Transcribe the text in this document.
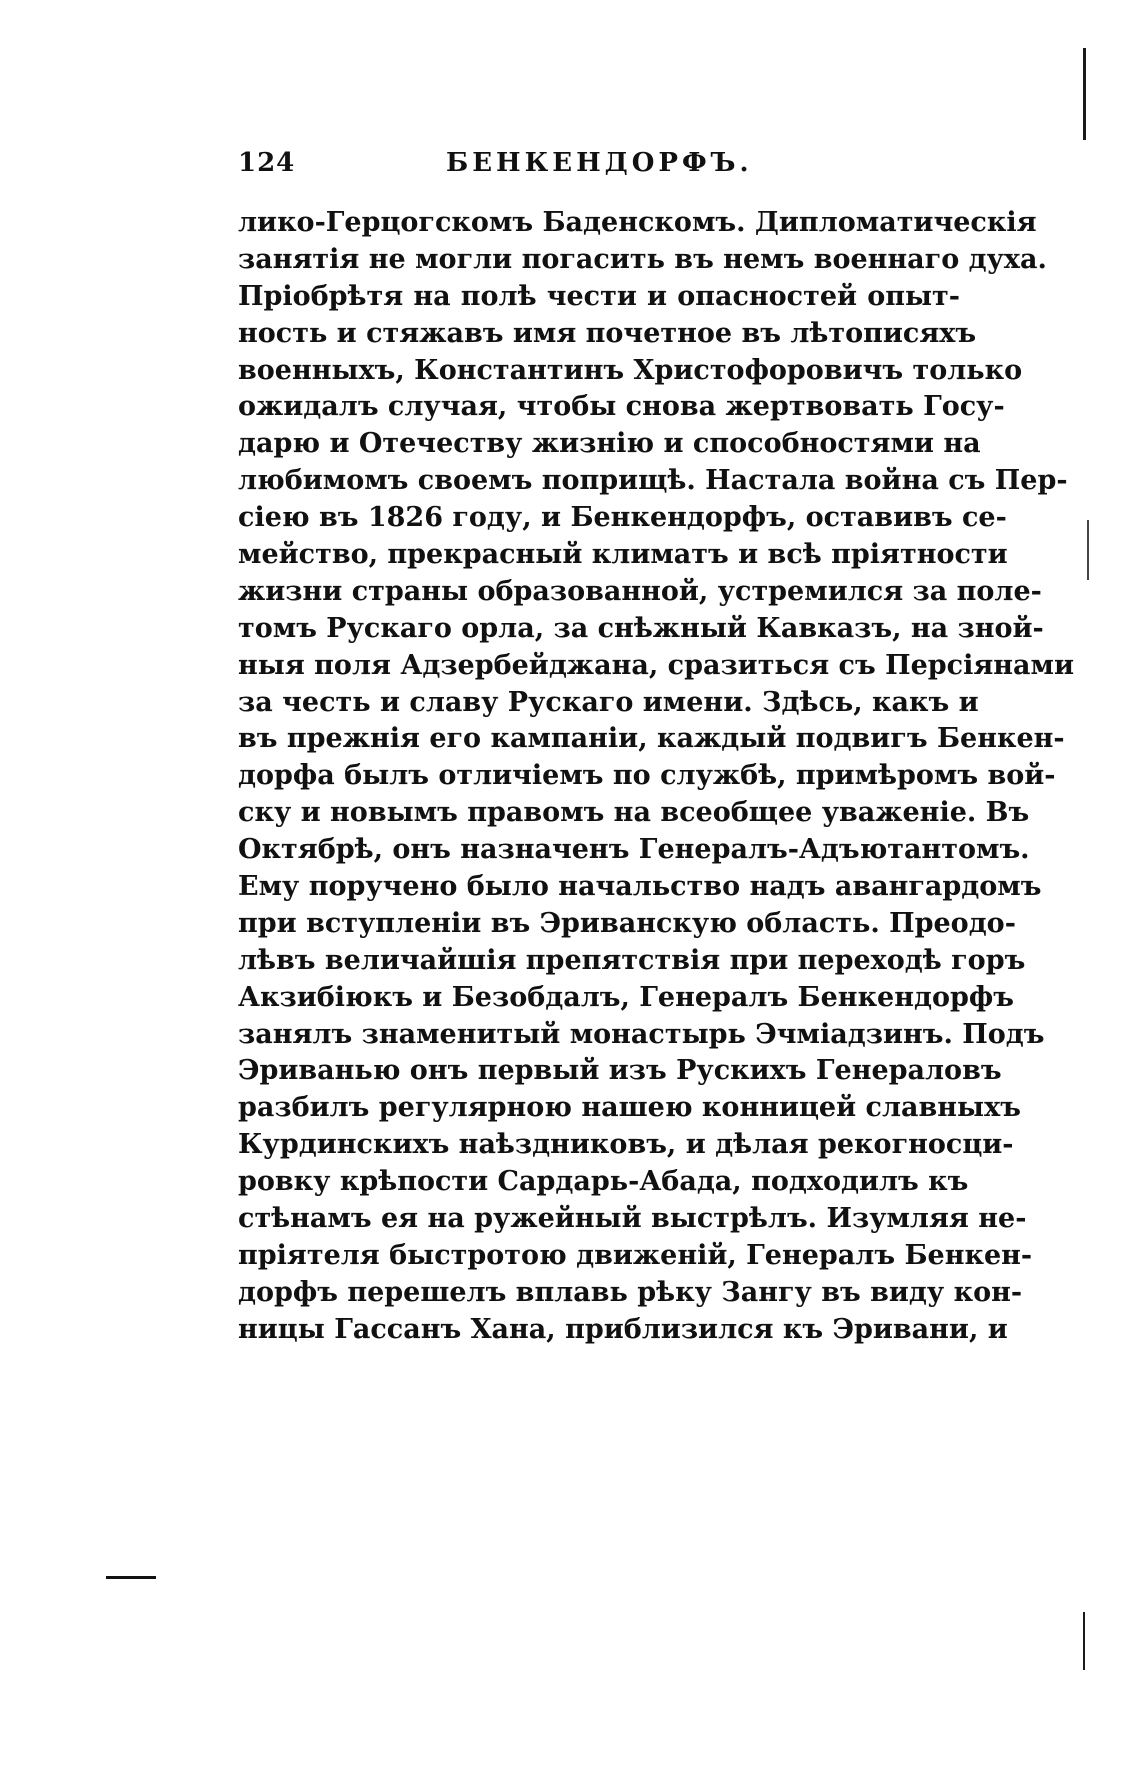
124	БЕНКЕНДОРФЪ.
лико-Герцогскомъ Баденскомъ. Дипломатическія
занятія не могли погасить въ немъ военнаго духа.
Пріобрѣтя на полѣ чести и опасностей опыт-
ность и стяжавъ имя почетное въ лѣтописяхъ
военныхъ, Константинъ Христофоровичъ только
ожидалъ случая, чтобы снова жертвовать Госу-
дарю и Отечеству жизнію и способностями на
любимомъ своемъ поприщѣ. Настала война съ Пер-
сіею въ 1826 году, и Бенкендорфъ, оставивъ се-
мейство, прекрасный климатъ и всѣ пріятности
жизни страны образованной, устремился за поле-
томъ Рускаго орла, за снѣжный Кавказъ, на зной-
ныя поля Адзербейджана, сразиться съ Персіянами
за честь и славу Рускаго имени. Здѣсь, какъ и
въ прежнія его кампаніи, каждый подвигъ Бенкен-
дорфа былъ отличіемъ по службѣ, примѣромъ вой-
ску и новымъ правомъ на всеобщее уваженіе. Въ
Октябрѣ, онъ назначенъ Генералъ-Адъютантомъ.
Ему поручено было начальство надъ авангардомъ
при вступленіи въ Эриванскую область. Преодо-
лѣвъ величайшія препятствія при переходѣ горъ
Акзибіюкъ и Безобдалъ, Генералъ Бенкендорфъ
занялъ знаменитый монастырь Эчміадзинъ. Подъ
Эриванью онъ первый изъ Рускихъ Генераловъ
разбилъ регулярною нашею конницей славныхъ
Курдинскихъ наѣздниковъ, и дѣлая рекогносци-
ровку крѣпости Сардарь-Абада, подходилъ къ
стѣнамъ ея на ружейный выстрѣлъ. Изумляя не-
пріятеля быстротою движеній, Генералъ Бенкен-
дорфъ перешелъ вплавь рѣку Зангу въ виду кон-
ницы Гассанъ Хана, приблизился къ Эривани, и
